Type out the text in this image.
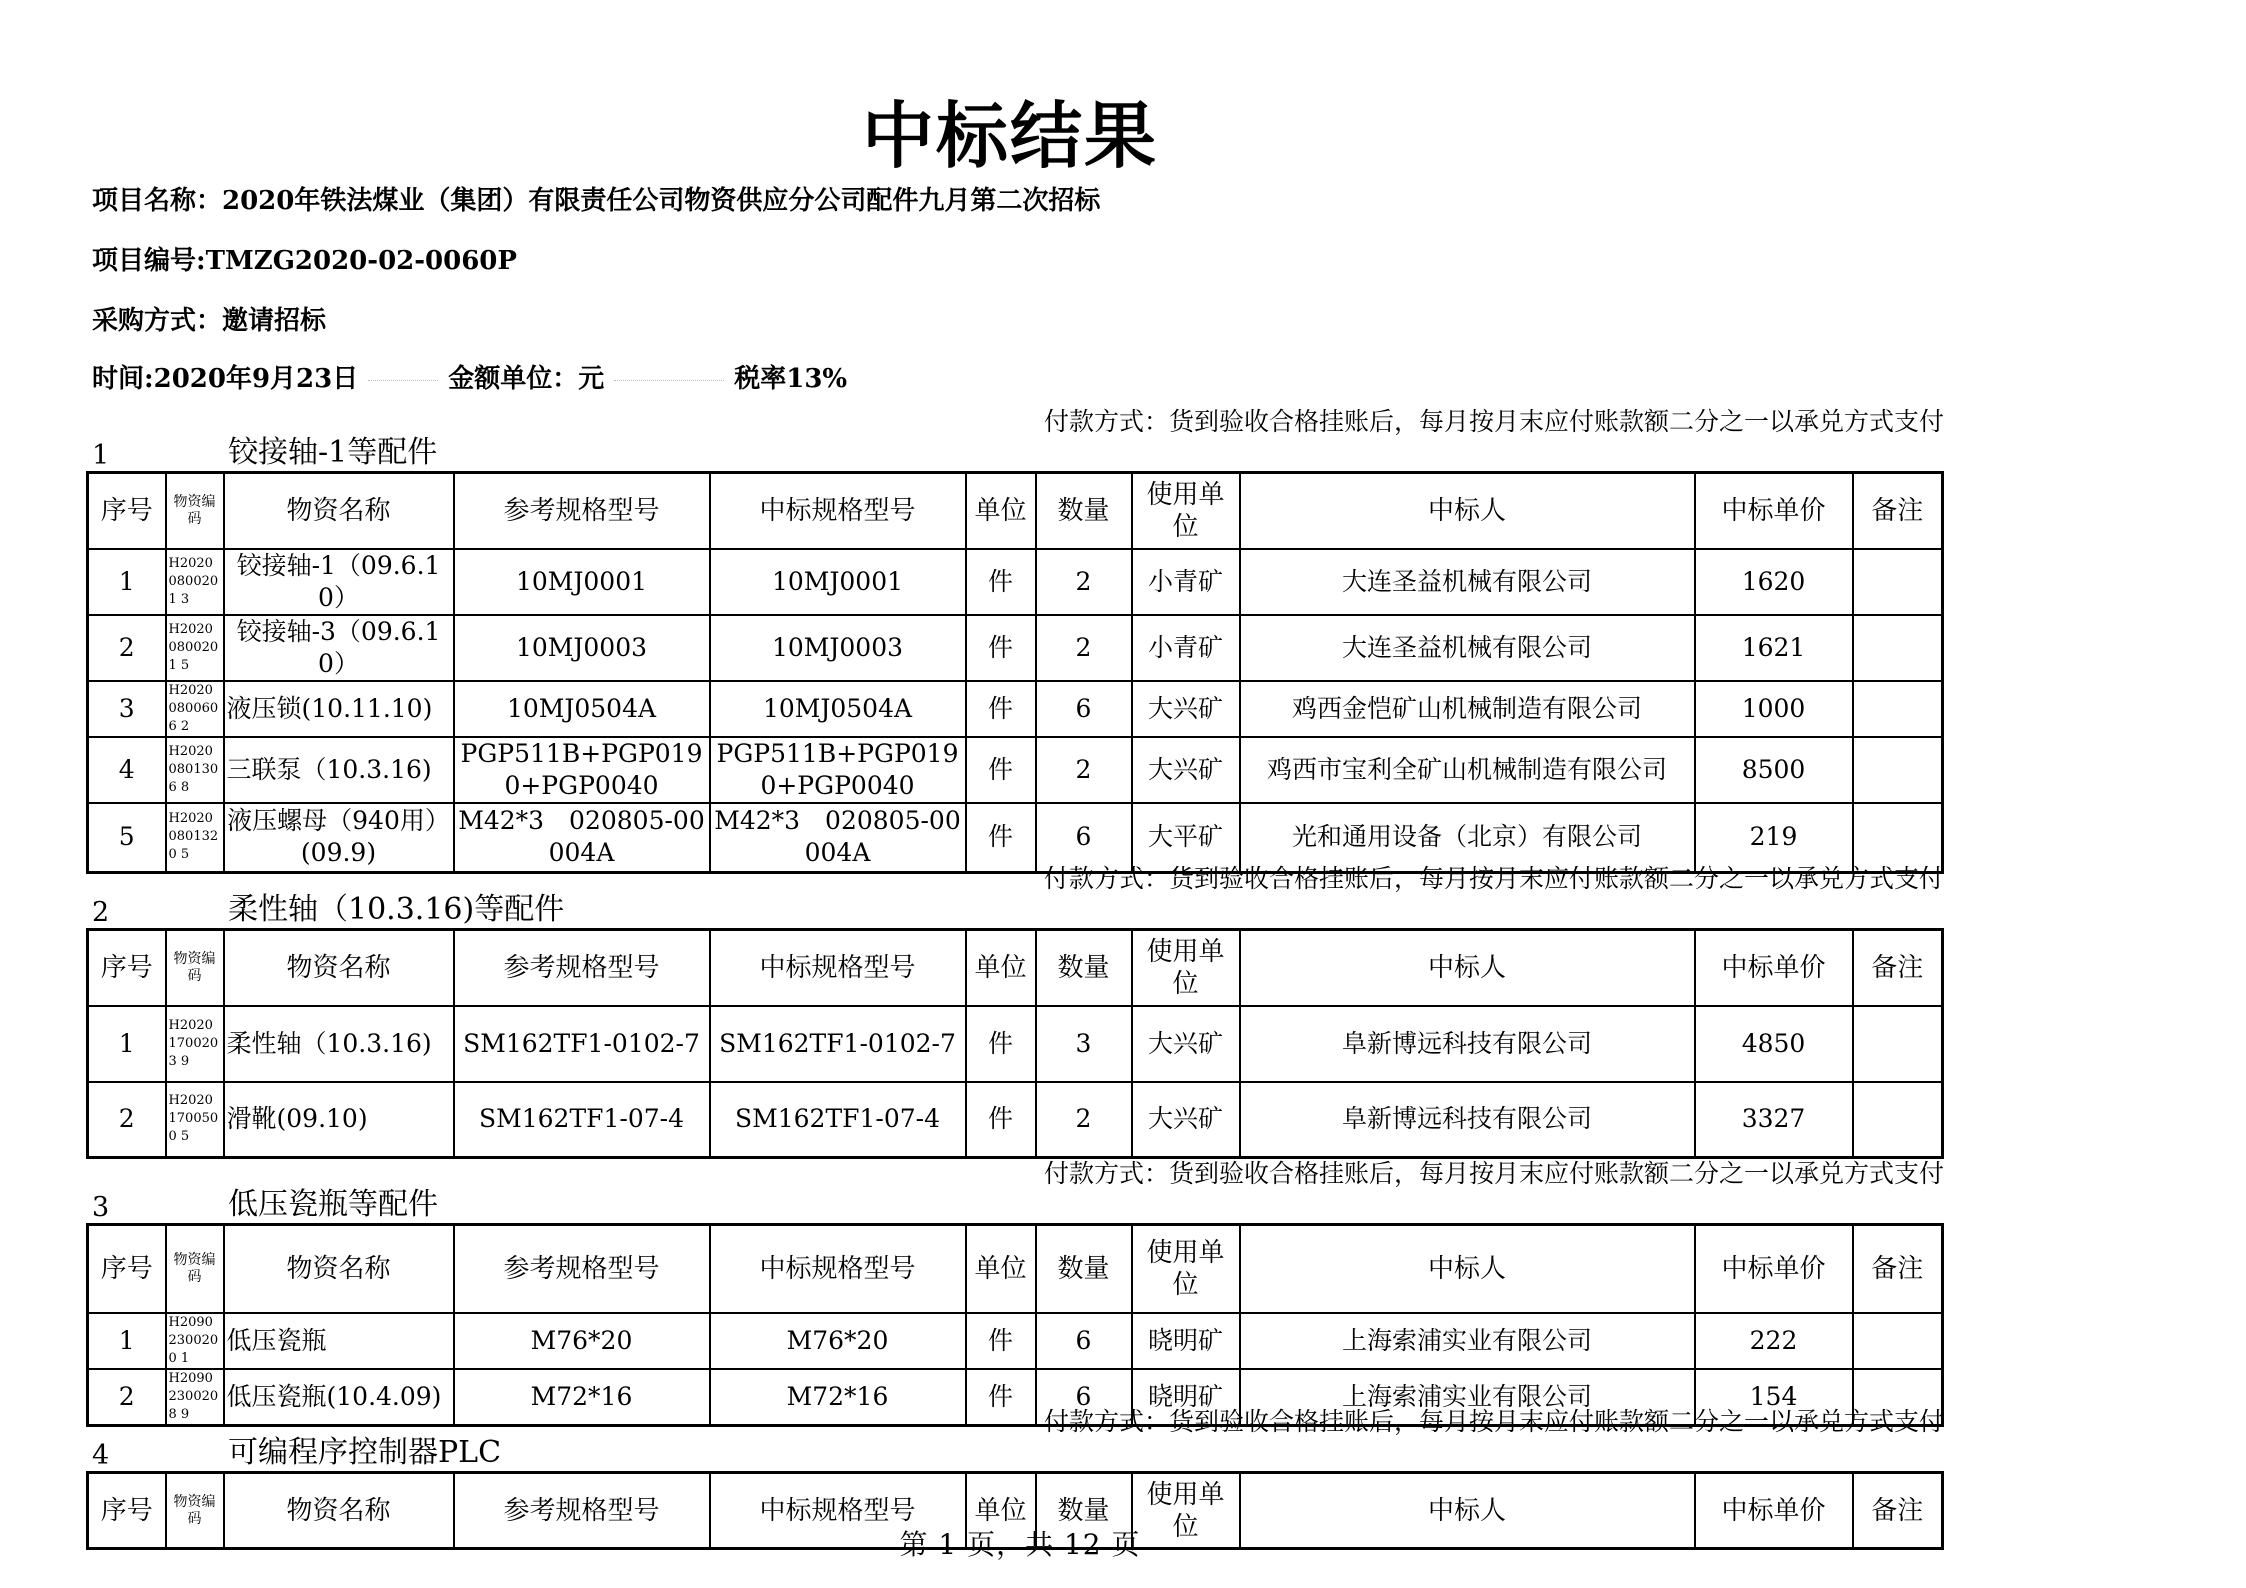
中标结果
项目名称：2020年铁法煤业（集团）有限责任公司物资供应分公司配件九月第二次招标
项目编号:TMZG2020-02-0060P
采购方式：邀请招标
时间:2020年9月23日	金额单位：元	税率13%
1	铰接轴-1等配件
付款方式：货到验收合格挂账后，每月按月末应付账款额二分之一以承兑方式支付
序号	物资编码	物资名称	参考规格型号	中标规格型号	单位	数量	使用单位	中标人	中标单价	备注
1	H20200800201 3	铰接轴-1（09.6.10）	10MJ0001	10MJ0001	件	2	小青矿	大连圣益机械有限公司	1620	
2	H20200800201 5	铰接轴-3（09.6.10）	10MJ0003	10MJ0003	件	2	小青矿	大连圣益机械有限公司	1621	
3	H20200800606 2	液压锁(10.11.10)	10MJ0504A	10MJ0504A	件	6	大兴矿	鸡西金恺矿山机械制造有限公司	1000	
4	H20200801306 8	三联泵（10.3.16)	PGP511B+PGP0190+PGP0040	PGP511B+PGP0190+PGP0040	件	2	大兴矿	鸡西市宝利全矿山机械制造有限公司	8500	
5	H20200801320 5	液压螺母（940用）(09.9)	M42*3　020805-00004A	M42*3　020805-00004A	件	6	大平矿	光和通用设备（北京）有限公司	219	
2	柔性轴（10.3.16)等配件
付款方式：货到验收合格挂账后，每月按月末应付账款额二分之一以承兑方式支付
序号	物资编码	物资名称	参考规格型号	中标规格型号	单位	数量	使用单位	中标人	中标单价	备注
1	H20201700203 9	柔性轴（10.3.16)	SM162TF1-0102-7	SM162TF1-0102-7	件	3	大兴矿	阜新博远科技有限公司	4850	
2	H20201700500 5	滑靴(09.10)	SM162TF1-07-4	SM162TF1-07-4	件	2	大兴矿	阜新博远科技有限公司	3327	
3	低压瓷瓶等配件
付款方式：货到验收合格挂账后，每月按月末应付账款额二分之一以承兑方式支付
序号	物资编码	物资名称	参考规格型号	中标规格型号	单位	数量	使用单位	中标人	中标单价	备注
1	H20902300200 1	低压瓷瓶	M76*20	M76*20	件	6	晓明矿	上海索浦实业有限公司	222	
2	H20902300208 9	低压瓷瓶(10.4.09)	M72*16	M72*16	件	6	晓明矿	上海索浦实业有限公司	154	
4	可编程序控制器PLC
付款方式：货到验收合格挂账后，每月按月末应付账款额二分之一以承兑方式支付
序号	物资编码	物资名称	参考规格型号	中标规格型号	单位	数量	使用单位	中标人	中标单价	备注
第 1 页，共 12 页
